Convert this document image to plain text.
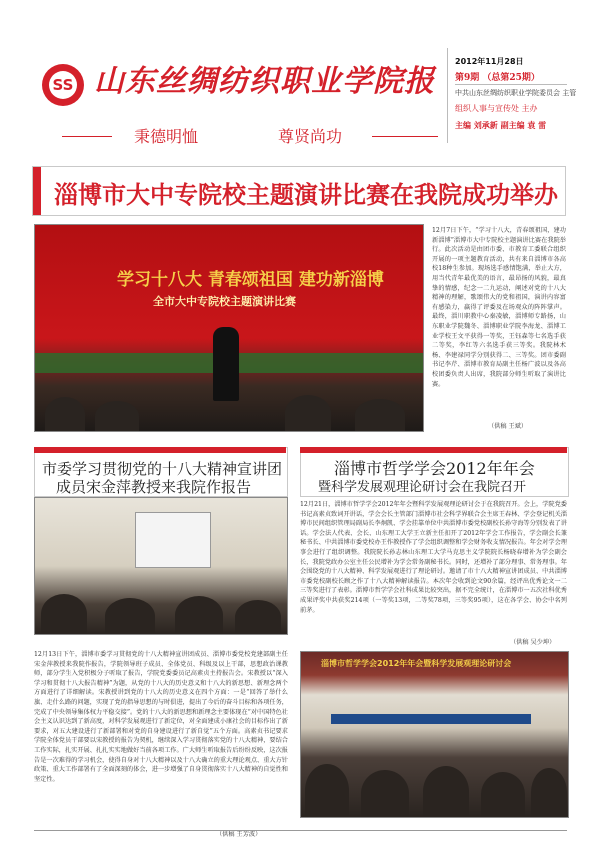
SS 山东丝绸纺织职业学院报
秉德明恤	尊贤尚功
2012年11月28日
第9期 （总第25期）
中共山东丝绸纺织职业学院委员会 主管
组织人事与宣传处 主办
主编 刘承新 副主编 袁 雷
淄博市大中专院校主题演讲比赛在我院成功举办
学习十八大 青春颂祖国 建功新淄博
全市大中专院校主题演讲比赛
12月7日下午，“学习十八大，青春颂祖国，建功新淄博”淄博市大中专院校主题演讲比赛在我院举行。此次活动是由团市委、市教育工委联合组织开展的一项主题教育活动，共有来自淄博市各高校18种生参加。现场选手感情饱满，举止大方，用当代青年最优美的语言，最昂扬的风貌，最真挚的情感，纪念一二九运动，阐述对党的十八大精神的理解，歌颂伟大的党和祖国，演讲内容富有感染力，赢得了评委及在场观众的阵阵掌声。最终，淄川职教中心秦凌敏，淄博师专路扬，山东职业学院魏冬、淄博职业学院李海龙、淄博工业学校王文平获得一等奖，王钰森等七名选手获二等奖，李红等六名选手获三等奖。我院林术杨、李建禄同学分别获得二、三等奖。团市委副书记李芹、淄博市教育局副主任杨广波以及各高校团委负责人出席，我院部分师生听取了演讲比赛。
（供稿 王斌）
市委学习贯彻党的十八大精神宣讲团
成员宋金萍教授来我院作报告
12月13日下午，淄博市委学习贯彻党的十八大精神宣讲团成员、淄博市委党校党建部副主任宋金萍教授来我院作报告，学院领导班子成员、全体党员、科级及以上干部，思想政治课教师，部分学生入党积极分子听取了报告，学院党委委员记高素贞主持报告会。宋教授以“深入学习和贯彻十八大报告精神”为题，从党的十八大的历史意义和十八大的新思想、新理念两个方面进行了详细解读。宋教授讲到党的十八大的历史意义在四个方面：一是“回答了举什么旗、走什么路的问题，实现了党的指导思想的与时俱进，提出了今后的奋斗目标和各项任务，完成了中央领导集体权力平稳交接”。党的十八大的新思想和新理念主要体现在“对中国特色社会主义认识达到了新高度，对科学发展观进行了新定位，对全面建成小康社会的目标作出了新要求，对五大建设进行了新部署和对党的自身建设进行了新自觉”五个方面。高素贞书记要求学院全体党员干部要以宋教授的报告为契机，继续深入学习贯彻落实党的十八大精神，要结合工作实际，扎实开展、扎扎实实地做好当前各项工作。广大师生听取报告后纷纷反映，这次报告是一次难得的学习机会，使得自身对十八大精神以及十八大确立的重大理论观点、重大方针政策、重大工作部署有了全面深刻的体会，进一步增强了自身贯彻落实十八大精神的自觉性和坚定性。
（供稿 王芳波）
淄博市哲学学会2012年年会
暨科学发展观理论研讨会在我院召开
12月21日，淄博市哲学学会2012年年会暨科学发展观理论研讨会于在我院召开。会上，学院党委书记高素贞致词开讲话，学会会长主管部门淄博市社会科学界联合会主席王春林、学会登记机关淄博市民间组织管理局副局长李炯凯、学会挂靠单位中共淄博市委党校副校长孙守海等分别发表了讲话。学会法人代表、会长、山东理工大学王立新主任扣开了2012年学会工作报告，学会副会长兼秘书长、中共淄博市委党校办王作教授作了学会组织调整和学会财务收支情况报告。年会对学会理事会进行了组织调整。我院院长孙志林山东理工大学马克思主义学院院长杨晓春增补为学会副会长，我院党政办公室主任公民增补为学会常务副秘书长。同时，还增补了部分理事、常务理事。年会围绕党的十八大精神、科学发展观进行了理论研讨。邀请了市十八大精神宣讲团成员、中共淄博市委党校副校长顾之作了十八大精神解读报告。本次年会收到论文90余篇，经评出优秀论文一二三等奖进行了表彰。淄博市哲学学会社科成果比较突出，据不完全统计，在淄博市一五次社科优秀成果评奖中共获奖214项（一等奖13项，二等奖78项，三等奖95项），这在各学会、协会中名列前茅。
（供稿 吴少坤）
淄博市哲学学会2012年年会暨科学发展观理论研讨会
